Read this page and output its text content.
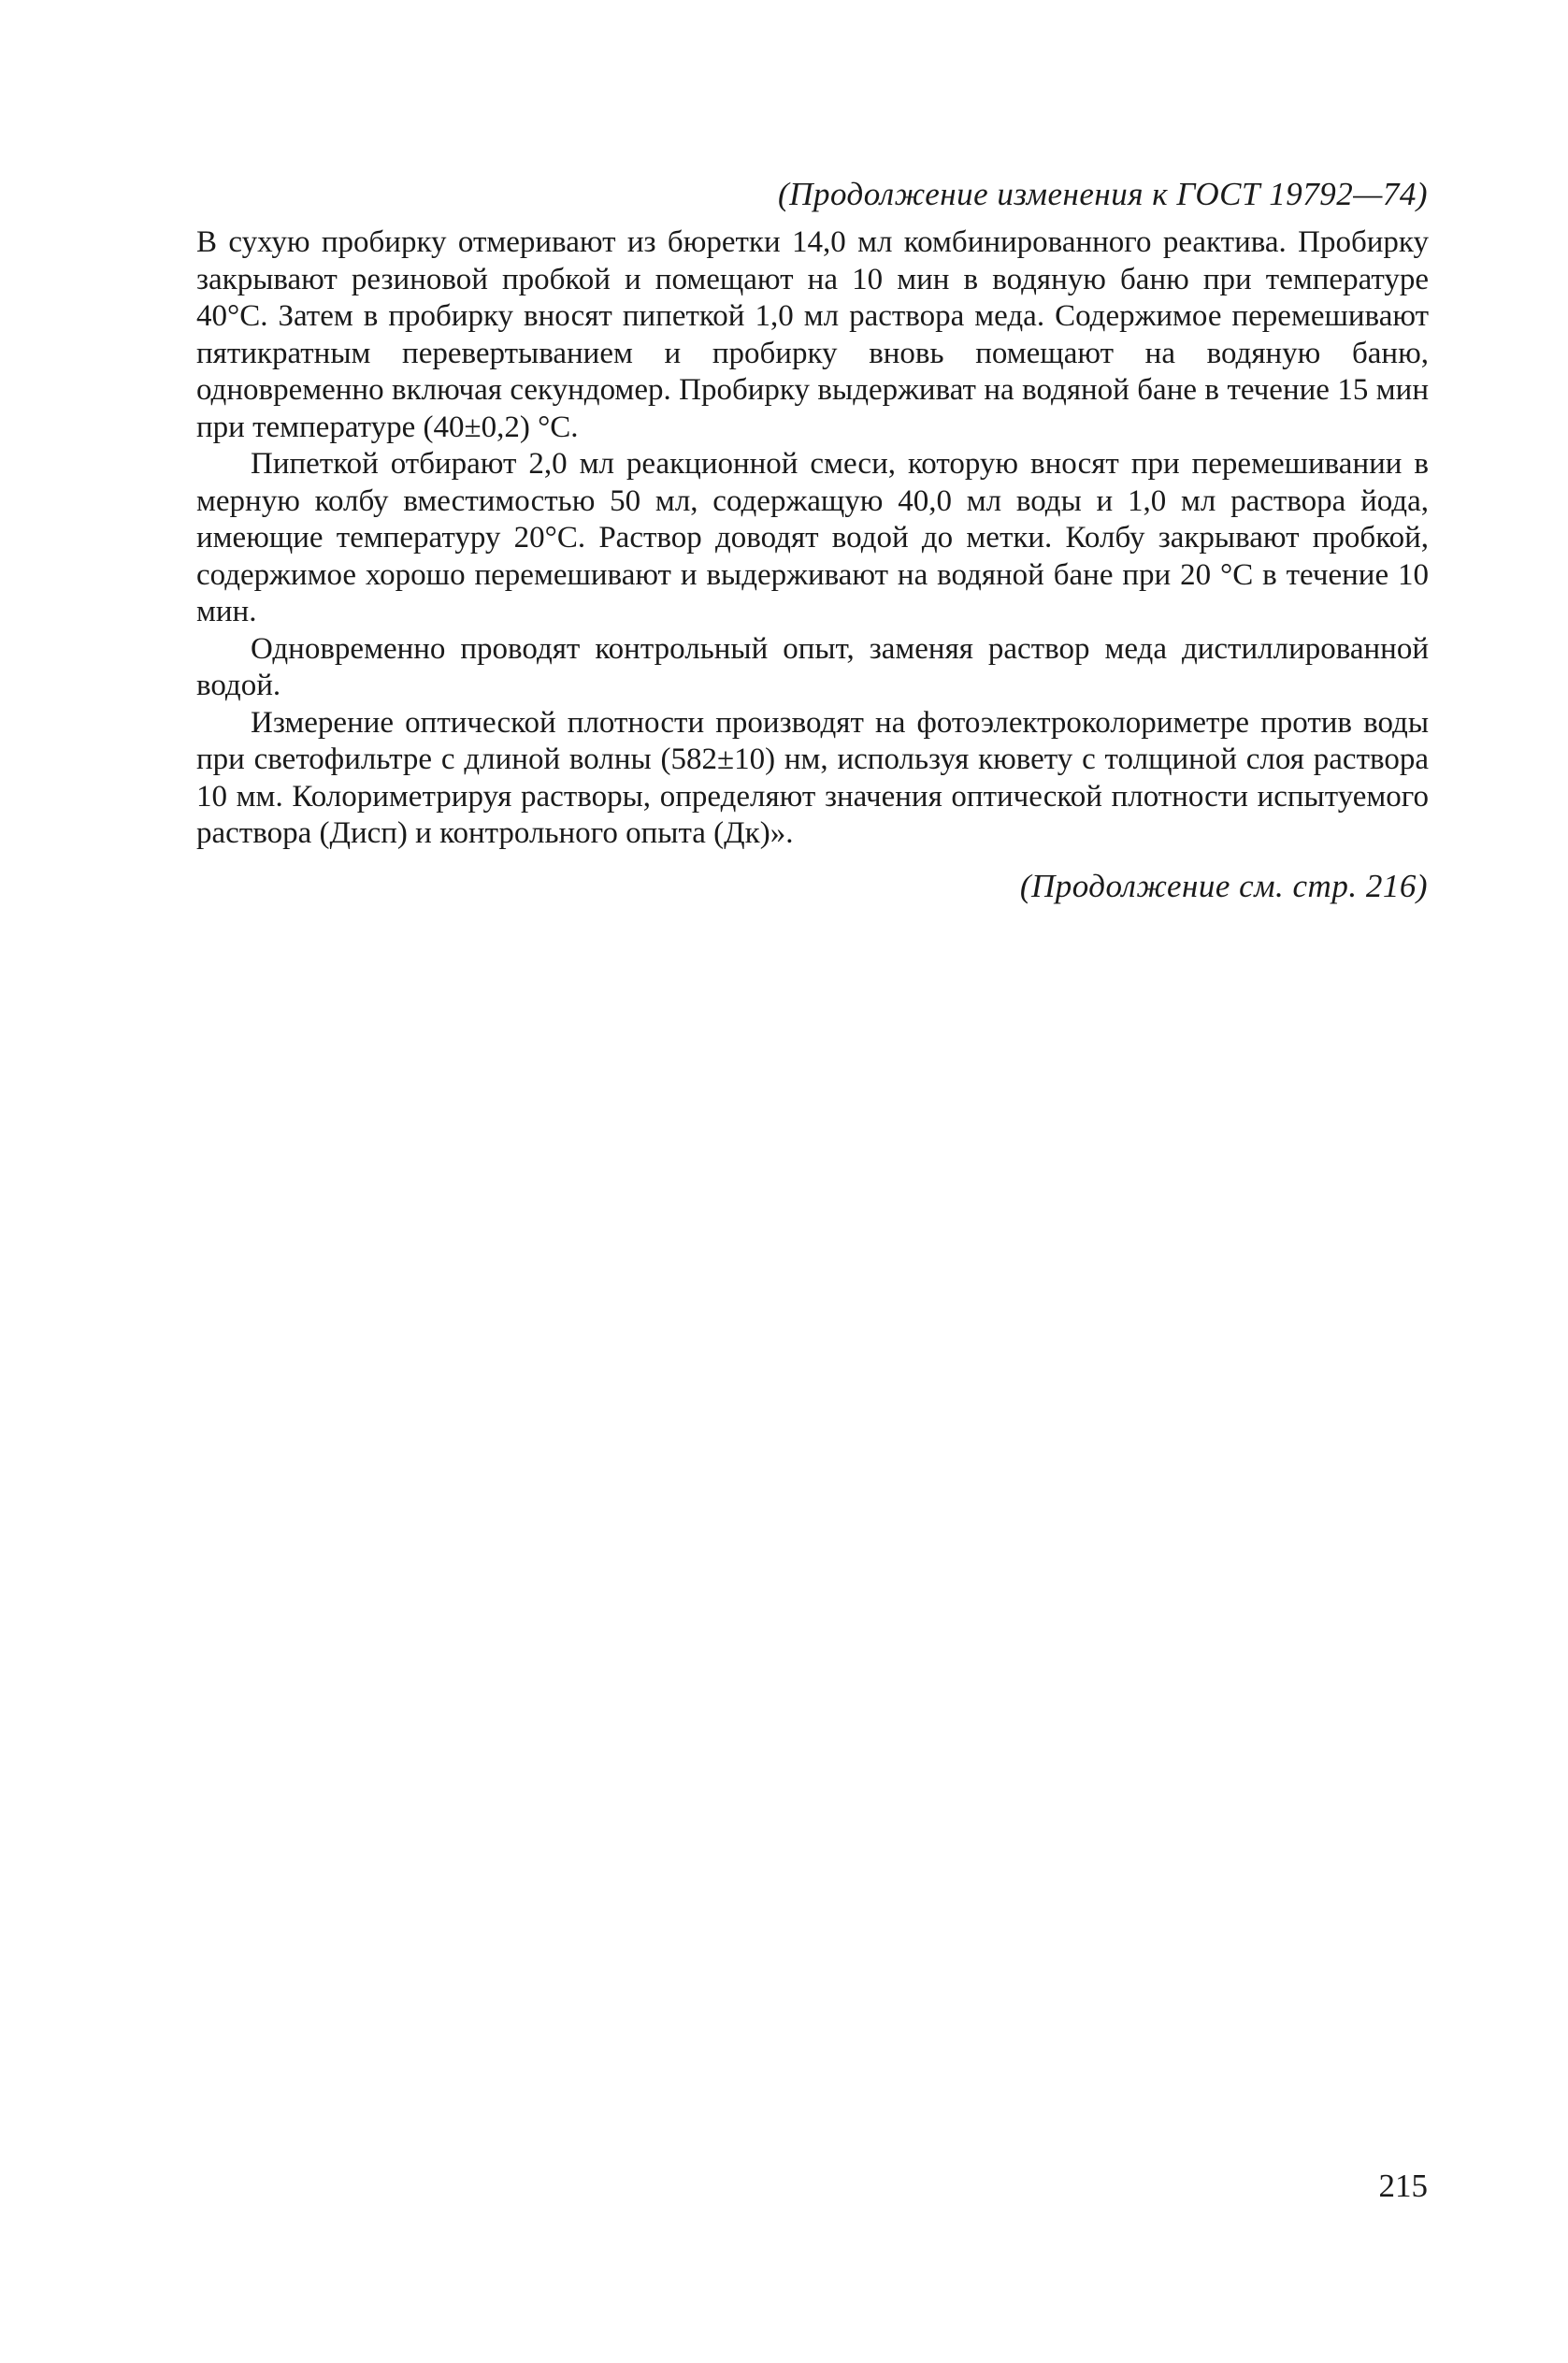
(Продолжение изменения к ГОСТ 19792—74)

В сухую пробирку отмеривают из бюретки 14,0 мл комбинированного реактива. Пробирку закрывают резиновой пробкой и помещают на 10 мин в водяную баню при температуре 40°С. Затем в пробирку вносят пипеткой 1,0 мл раствора меда. Содержимое перемешивают пятикратным перевертыванием и пробирку вновь помещают на водяную баню, одновременно включая секундомер. Пробирку выдерживат на водяной бане в течение 15 мин при температуре (40±0,2) °С.

Пипеткой отбирают 2,0 мл реакционной смеси, которую вносят при перемешивании в мерную колбу вместимостью 50 мл, содержащую 40,0 мл воды и 1,0 мл раствора йода, имеющие температуру 20°С. Раствор доводят водой до метки. Колбу закрывают пробкой, содержимое хорошо перемешивают и выдерживают на водяной бане при 20 °С в течение 10 мин.

Одновременно проводят контрольный опыт, заменяя раствор меда дистиллированной водой.

Измерение оптической плотности производят на фотоэлектроколориметре против воды при светофильтре с длиной волны (582±10) нм, используя кювету с толщиной слоя раствора 10 мм. Колориметрируя растворы, определяют значения оптической плотности испытуемого раствора (Дисп) и контрольного опыта (Дк)».

(Продолжение см. стр. 216)
215
